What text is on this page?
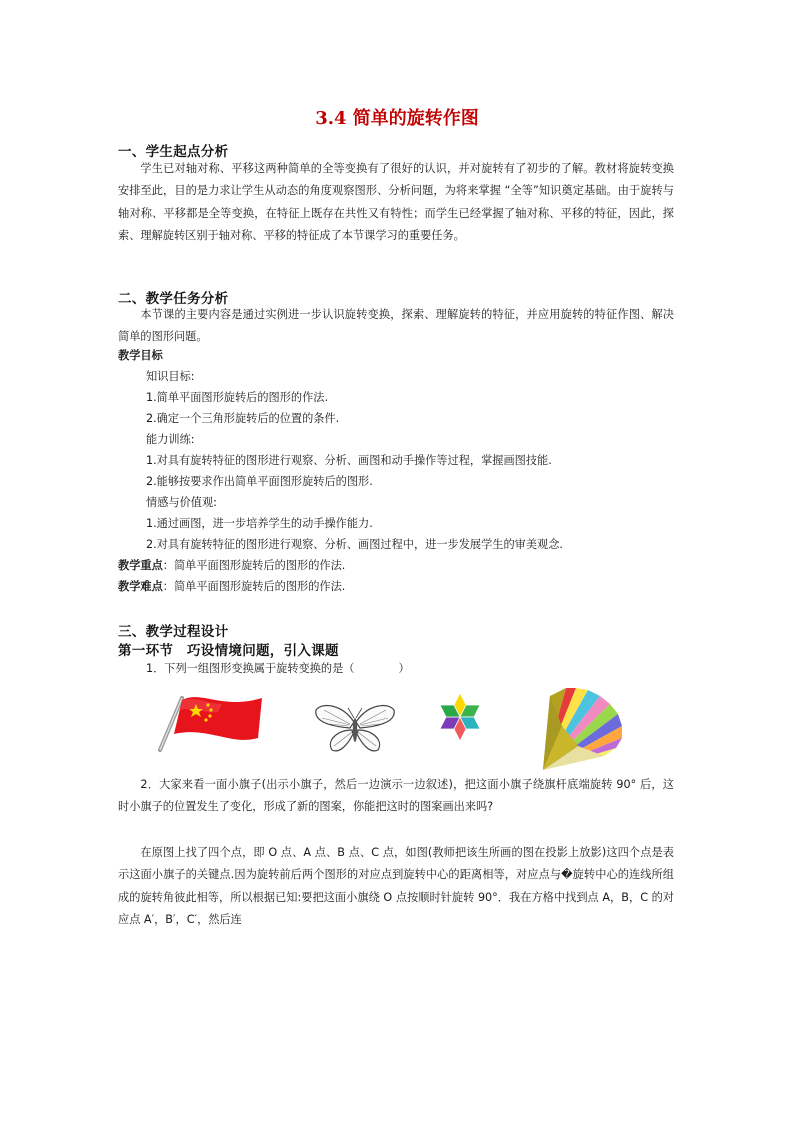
3.4 简单的旋转作图
一、学生起点分析
学生已对轴对称、平移这两种简单的全等变换有了很好的认识，并对旋转有了初步的了解。教材将旋转变换安排至此，目的是力求让学生从动态的角度观察图形、分析问题，为将来掌握 “全等”知识奠定基础。由于旋转与轴对称、平移都是全等变换，在特征上既存在共性又有特性；而学生已经掌握了轴对称、平移的特征，因此，探索、理解旋转区别于轴对称、平移的特征成了本节课学习的重要任务。
二、教学任务分析
本节课的主要内容是通过实例进一步认识旋转变换，探索、理解旋转的特征，并应用旋转的特征作图、解决简单的图形问题。
教学目标
知识目标:
1.简单平面图形旋转后的图形的作法.
2.确定一个三角形旋转后的位置的条件.
能力训练:
1.对具有旋转特征的图形进行观察、分析、画图和动手操作等过程，掌握画图技能.
2.能够按要求作出简单平面图形旋转后的图形.
情感与价值观:
1.通过画图，进一步培养学生的动手操作能力.
2.对具有旋转特征的图形进行观察、分析、画图过程中，进一步发展学生的审美观念.
教学重点：简单平面图形旋转后的图形的作法.
教学难点：简单平面图形旋转后的图形的作法.
三、教学过程设计
第一环节　巧设情境问题，引入课题
1．下列一组图形变换属于旋转变换的是（	）
2．大家来看一面小旗子(出示小旗子，然后一边演示一边叙述)，把这面小旗子绕旗杆底端旋转 90° 后，这时小旗子的位置发生了变化，形成了新的图案，你能把这时的图案画出来吗?
在原图上找了四个点，即 O 点、A 点、B 点、C 点，如图(教师把该生所画的图在投影上放影)这四个点是表示这面小旗子的关键点.因为旋转前后两个图形的对应点到旋转中心的距离相等，对应点与�旋转中心的连线所组成的旋转角彼此相等，所以根据已知:要把这面小旗绕 O 点按顺时针旋转 90°．我在方格中找到点 A，B，C 的对应点 A′，B′，C′，然后连
